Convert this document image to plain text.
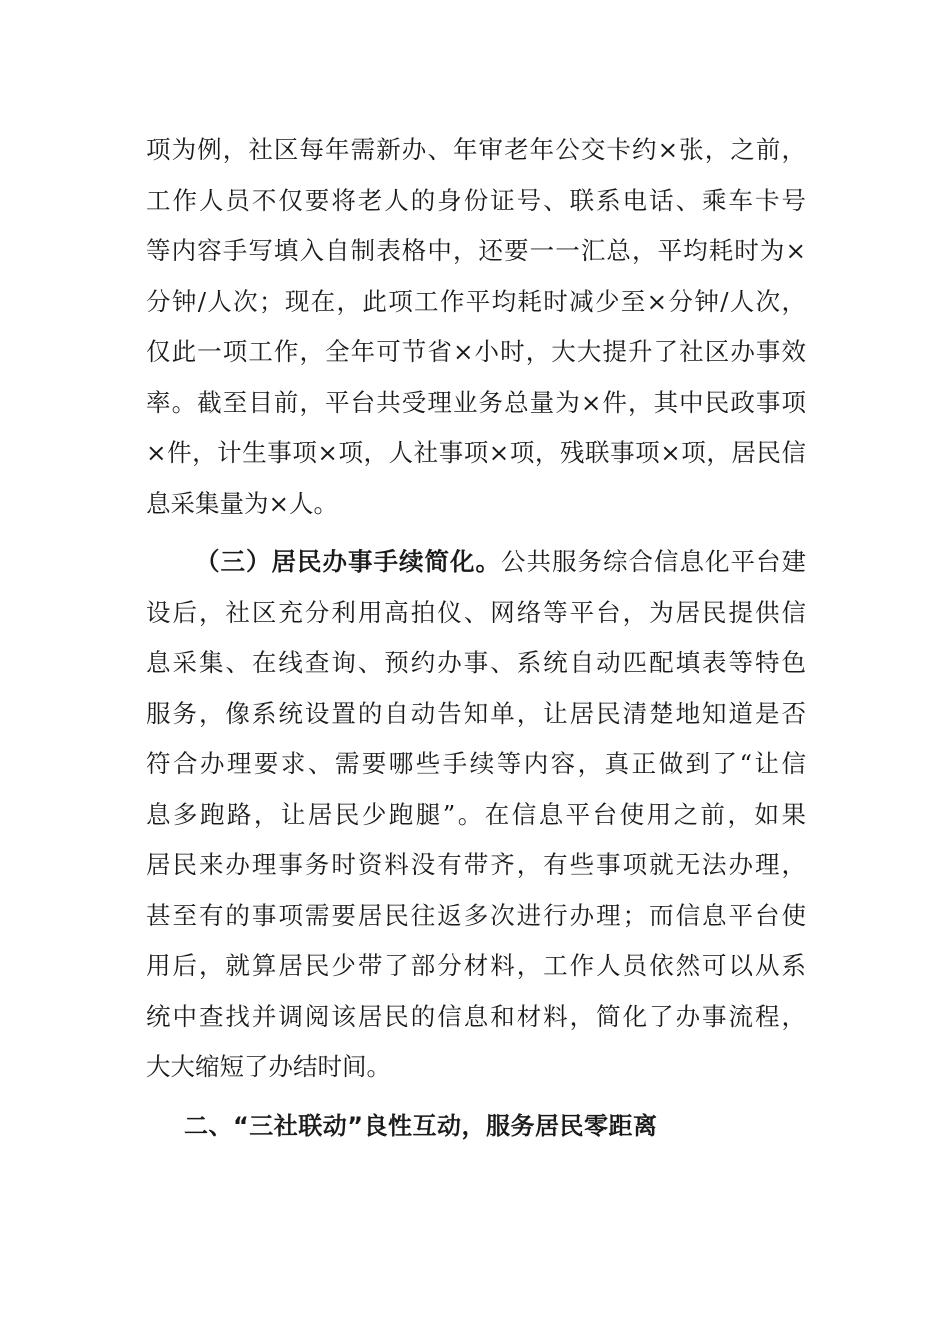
项为例，社区每年需新办、年审老年公交卡约×张，之前，
工作人员不仅要将老人的身份证号、联系电话、乘车卡号
等内容手写填入自制表格中，还要一一汇总，平均耗时为×
分钟/人次；现在，此项工作平均耗时减少至×分钟/人次，
仅此一项工作，全年可节省×小时，大大提升了社区办事效
率。截至目前，平台共受理业务总量为×件，其中民政事项
×件，计生事项×项，人社事项×项，残联事项×项，居民信
息采集量为×人。
（三）居民办事手续简化。公共服务综合信息化平台建
设后，社区充分利用高拍仪、网络等平台，为居民提供信
息采集、在线查询、预约办事、系统自动匹配填表等特色
服务，像系统设置的自动告知单，让居民清楚地知道是否
符合办理要求、需要哪些手续等内容，真正做到了“让信
息多跑路，让居民少跑腿”。在信息平台使用之前，如果
居民来办理事务时资料没有带齐，有些事项就无法办理，
甚至有的事项需要居民往返多次进行办理；而信息平台使
用后，就算居民少带了部分材料，工作人员依然可以从系
统中查找并调阅该居民的信息和材料，简化了办事流程，
大大缩短了办结时间。
二、“三社联动”良性互动，服务居民零距离
